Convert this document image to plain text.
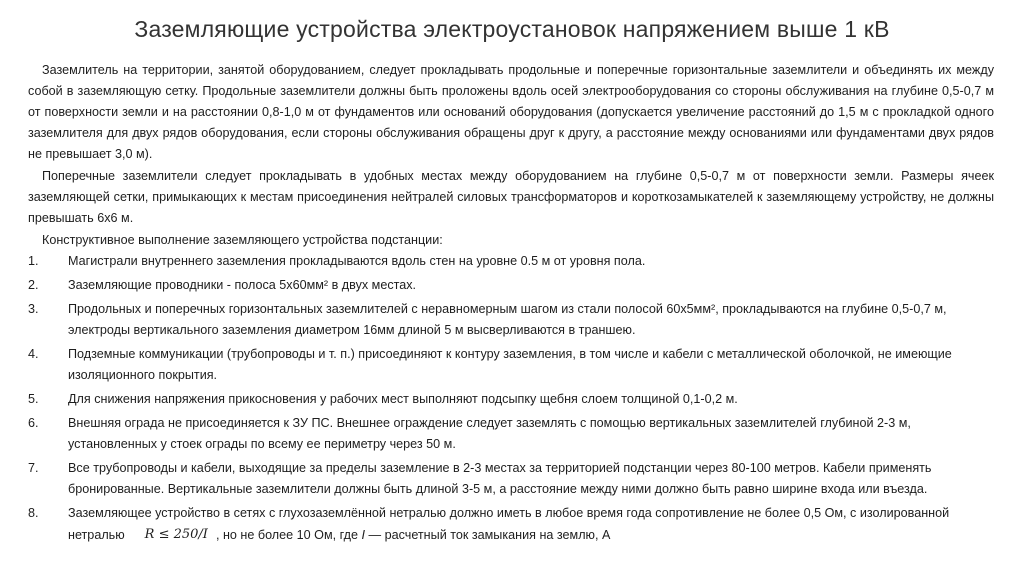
Заземляющие устройства электроустановок напряжением выше 1 кВ

Заземлитель на территории, занятой оборудованием, следует прокладывать продольные и поперечные горизонтальные заземлители и объединять их между собой в заземляющую сетку. Продольные заземлители должны быть проложены вдоль осей электрооборудования со стороны обслуживания на глубине 0,5-0,7 м от поверхности земли и на расстоянии 0,8-1,0 м от фундаментов или оснований оборудования (допускается увеличение расстояний до 1,5 м с прокладкой одного заземлителя для двух рядов оборудования, если стороны обслуживания обращены друг к другу, а расстояние между основаниями или фундаментами двух рядов не превышает 3,0 м).

Поперечные заземлители следует прокладывать в удобных местах между оборудованием на глубине 0,5-0,7 м от поверхности земли. Размеры ячеек заземляющей сетки, примыкающих к местам присоединения нейтралей силовых трансформаторов и короткозамыкателей к заземляющему устройству, не должны превышать 6х6 м.

Конструктивное выполнение заземляющего устройства подстанции:

1.	Магистрали внутреннего заземления прокладываются вдоль стен на уровне 0.5 м от уровня пола.
2.	Заземляющие проводники - полоса 5х60мм² в двух местах.
3.	Продольных и поперечных горизонтальных заземлителей с неравномерным шагом из стали полосой 60х5мм², прокладываются на глубине 0,5-0,7 м, электроды вертикального заземления диаметром 16мм длиной 5 м высверливаются в траншею.
4.	Подземные коммуникации (трубопроводы и т. п.) присоединяют к контуру заземления, в том числе и кабели с металлической оболочкой, не имеющие изоляционного покрытия.
5.	Для снижения напряжения прикосновения у рабочих мест выполняют подсыпку щебня слоем толщиной 0,1-0,2 м.
6.	Внешняя ограда не присоединяется к ЗУ ПС. Внешнее ограждение следует заземлять с помощью вертикальных заземлителей глубиной 2-3 м, установленных у стоек ограды по всему ее периметру через 50 м.
7.	Все трубопроводы и кабели, выходящие за пределы заземление в 2-3 местах за территорией подстанции через 80-100 метров. Кабели применять бронированные. Вертикальные заземлители должны быть длиной 3-5 м, а расстояние между ними должно быть равно ширине входа или въезда.
8.	Заземляющее устройство в сетях с глухозаземлённой нетралью должно иметь в любое время года сопротивление не более 0,5 Ом, с изолированной нетралью R ≤ 250/I , но не более 10 Ом, где I — расчетный ток замыкания на землю, А
